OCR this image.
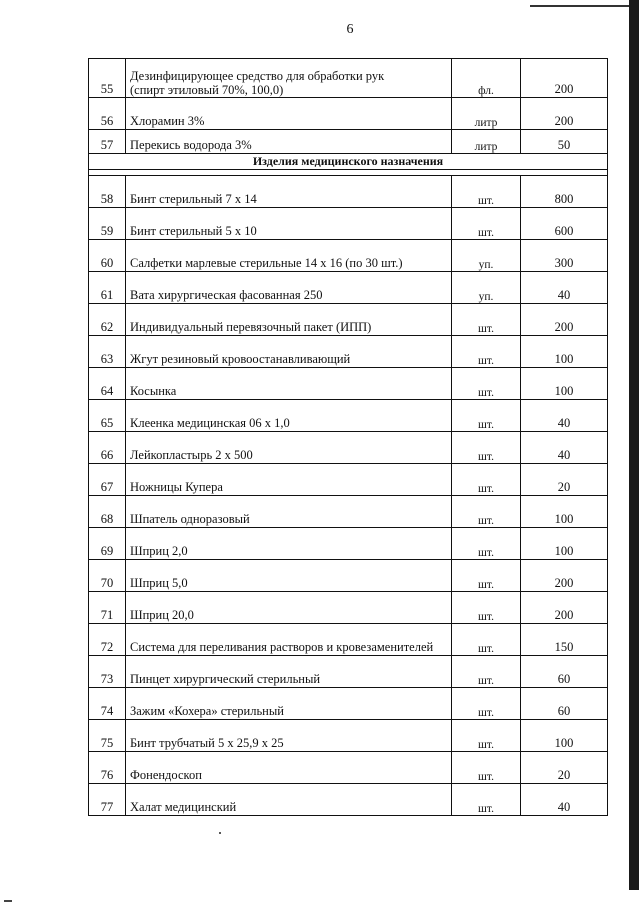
6
55	Дезинфицирующее средство для обработки рук
(спирт этиловый 70%, 100,0)	фл.	200
56	Хлорамин 3%	литр	200
57	Перекись водорода 3%	литр	50
Изделия медицинского назначения			

58	Бинт стерильный 7 х 14	шт.	800
59	Бинт стерильный 5 х 10	шт.	600
60	Салфетки марлевые стерильные 14 х 16 (по 30 шт.)	уп.	300
61	Вата хирургическая фасованная 250	уп.	40
62	Индивидуальный перевязочный пакет (ИПП)	шт.	200
63	Жгут резиновый кровоостанавливающий	шт.	100
64	Косынка	шт.	100
65	Клеенка медицинская 06 х 1,0	шт.	40
66	Лейкопластырь 2 х 500	шт.	40
67	Ножницы Купера	шт.	20
68	Шпатель одноразовый	шт.	100
69	Шприц 2,0	шт.	100
70	Шприц 5,0	шт.	200
71	Шприц 20,0	шт.	200
72	Система для переливания растворов и кровезаменителей	шт.	150
73	Пинцет хирургический стерильный	шт.	60
74	Зажим «Кохера» стерильный	шт.	60
75	Бинт трубчатый 5 х 25,9 х 25	шт.	100
76	Фонендоскоп	шт.	20
77	Халат медицинский	шт.	40
